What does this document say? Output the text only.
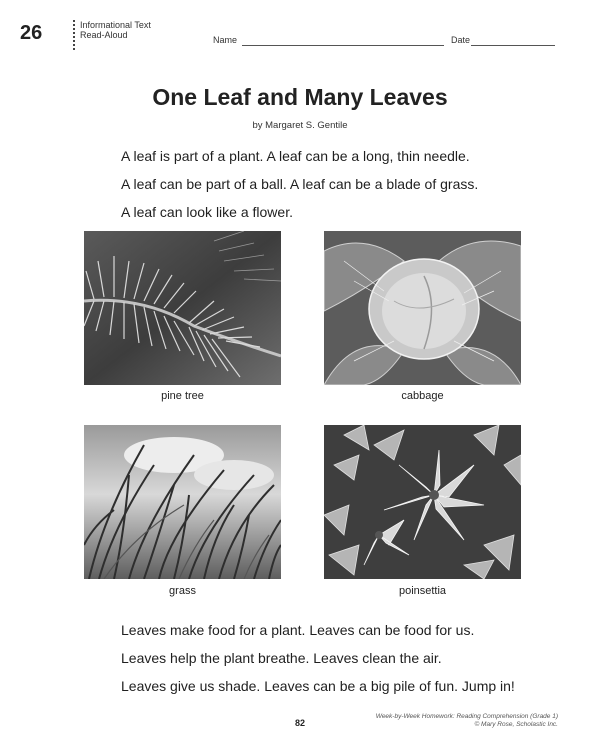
26	Informational Text
Read-Aloud	Name	Date
One Leaf and Many Leaves
by Margaret S. Gentile
A leaf is part of a plant. A leaf can be a long, thin needle.
A leaf can be part of a ball. A leaf can be a blade of grass.
A leaf can look like a flower.
pine tree	cabbage
grass	poinsettia
Leaves make food for a plant. Leaves can be food for us.
Leaves help the plant breathe. Leaves clean the air.
Leaves give us shade. Leaves can be a big pile of fun. Jump in!
Week-by-Week Homework: Reading Comprehension (Grade 1)
© Mary Rose, Scholastic Inc.
82
